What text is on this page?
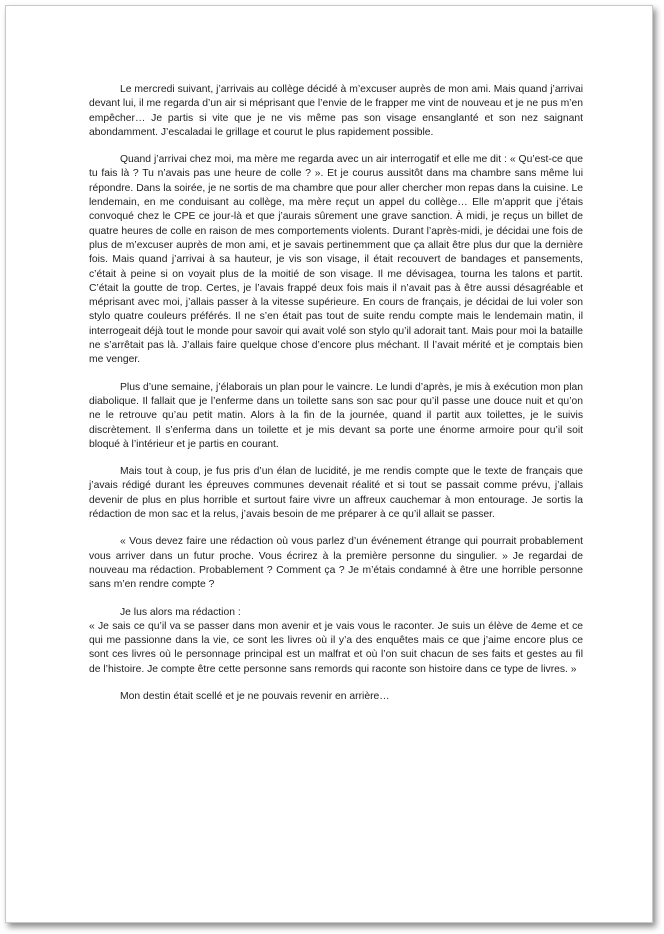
Le mercredi suivant, j’arrivais au collège décidé à m’excuser auprès de mon ami. Mais quand j’arrivai devant lui, il me regarda d’un air si méprisant que l’envie de le frapper me vint de nouveau et je ne pus m’en empêcher… Je partis si vite que je ne vis même pas son visage ensanglanté et son nez saignant abondamment. J’escaladai le grillage et courut le plus rapidement possible.

Quand j’arrivai chez moi, ma mère me regarda avec un air interrogatif et elle me dit : « Qu’est-ce que tu fais là ? Tu n’avais pas une heure de colle ? ». Et je courus aussitôt dans ma chambre sans même lui répondre. Dans la soirée, je ne sortis de ma chambre que pour aller chercher mon repas dans la cuisine. Le lendemain, en me conduisant au collège, ma mère reçut un appel du collège… Elle m’apprit que j’étais convoqué chez le CPE ce jour-là et que j’aurais sûrement une grave sanction. À midi, je reçus un billet de quatre heures de colle en raison de mes comportements violents. Durant l’après-midi, je décidai une fois de plus de m’excuser auprès de mon ami, et je savais pertinemment que ça allait être plus dur que la dernière fois. Mais quand j’arrivai à sa hauteur, je vis son visage, il était recouvert de bandages et pansements, c’était à peine si on voyait plus de la moitié de son visage. Il me dévisagea, tourna les talons et partit. C’était la goutte de trop. Certes, je l’avais frappé deux fois mais il n’avait pas à être aussi désagréable et méprisant avec moi, j’allais passer à la vitesse supérieure. En cours de français, je décidai de lui voler son stylo quatre couleurs préférés. Il ne s’en était pas tout de suite rendu compte mais le lendemain matin, il interrogeait déjà tout le monde pour savoir qui avait volé son stylo qu’il adorait tant. Mais pour moi la bataille ne s’arrêtait pas là. J’allais faire quelque chose d’encore plus méchant. Il l’avait mérité et je comptais bien me venger.

Plus d’une semaine, j’élaborais un plan pour le vaincre. Le lundi d’après, je mis à exécution mon plan diabolique. Il fallait que je l’enferme dans un toilette sans son sac pour qu’il passe une douce nuit et qu’on ne le retrouve qu’au petit matin. Alors à la fin de la journée, quand il partit aux toilettes, je le suivis discrètement. Il s’enferma dans un toilette et je mis devant sa porte une énorme armoire pour qu’il soit bloqué à l’intérieur et je partis en courant.

Mais tout à coup, je fus pris d’un élan de lucidité, je me rendis compte que le texte de français que j’avais rédigé durant les épreuves communes devenait réalité et si tout se passait comme prévu, j’allais devenir de plus en plus horrible et surtout faire vivre un affreux cauchemar à mon entourage. Je sortis la rédaction de mon sac et la relus, j’avais besoin de me préparer à ce qu’il allait se passer.

« Vous devez faire une rédaction où vous parlez d’un événement étrange qui pourrait probablement vous arriver dans un futur proche. Vous écrirez à la première personne du singulier. » Je regardai de nouveau ma rédaction. Probablement ? Comment ça ? Je m’étais condamné à être une horrible personne sans m’en rendre compte ?

Je lus alors ma rédaction :

« Je sais ce qu’il va se passer dans mon avenir et je vais vous le raconter. Je suis un élève de 4eme et ce qui me passionne dans la vie, ce sont les livres où il y’a des enquêtes mais ce que j’aime encore plus ce sont ces livres où le personnage principal est un malfrat et où l’on suit chacun de ses faits et gestes au fil de l’histoire. Je compte être cette personne sans remords qui raconte son histoire dans ce type de livres. »

Mon destin était scellé et je ne pouvais revenir en arrière…
